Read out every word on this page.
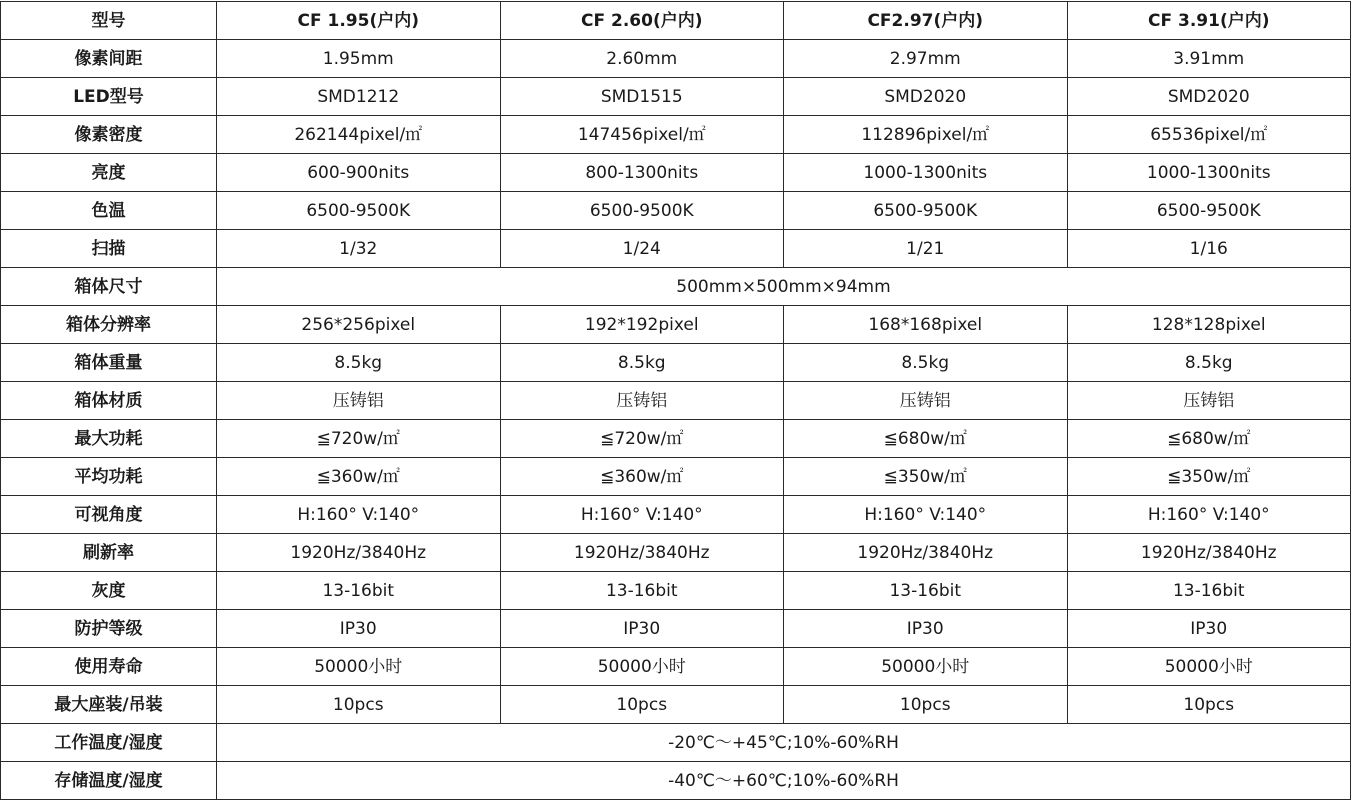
型号	CF 1.95(户内)	CF 2.60(户内)	CF2.97(户内)	CF 3.91(户内)
像素间距	1.95mm	2.60mm	2.97mm	3.91mm
LED型号	SMD1212	SMD1515	SMD2020	SMD2020
像素密度	262144pixel/㎡	147456pixel/㎡	112896pixel/㎡	65536pixel/㎡
亮度	600-900nits	800-1300nits	1000-1300nits	1000-1300nits
色温	6500-9500K	6500-9500K	6500-9500K	6500-9500K
扫描	1/32	1/24	1/21	1/16
箱体尺寸	500mm×500mm×94mm			
箱体分辨率	256*256pixel	192*192pixel	168*168pixel	128*128pixel
箱体重量	8.5kg	8.5kg	8.5kg	8.5kg
箱体材质	压铸铝	压铸铝	压铸铝	压铸铝
最大功耗	≦720w/㎡	≦720w/㎡	≦680w/㎡	≦680w/㎡
平均功耗	≦360w/㎡	≦360w/㎡	≦350w/㎡	≦350w/㎡
可视角度	H:160° V:140°	H:160° V:140°	H:160° V:140°	H:160° V:140°
刷新率	1920Hz/3840Hz	1920Hz/3840Hz	1920Hz/3840Hz	1920Hz/3840Hz
灰度	13-16bit	13-16bit	13-16bit	13-16bit
防护等级	IP30	IP30	IP30	IP30
使用寿命	50000小时	50000小时	50000小时	50000小时
最大座装/吊装	10pcs	10pcs	10pcs	10pcs
工作温度/湿度	-20℃～+45℃;10%-60%RH			
存储温度/湿度	-40℃～+60℃;10%-60%RH			
